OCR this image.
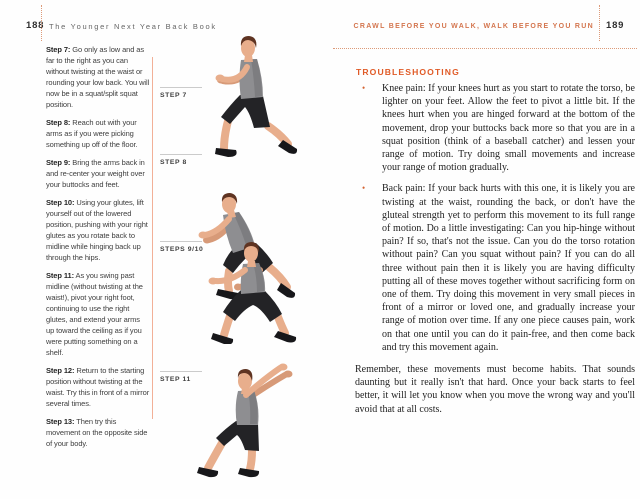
188 The Younger Next Year Back Book	CRAWL BEFORE YOU WALK, WALK BEFORE YOU RUN 189

Step 7: Go only as low and as far to the right as you can without twisting at the waist or rounding your low back. You will now be in a squat/split squat position.

Step 8: Reach out with your arms as if you were picking something up off of the floor.

Step 9: Bring the arms back in and re-center your weight over your buttocks and feet.

Step 10: Using your glutes, lift yourself out of the lowered position, pushing with your right glutes as you rotate back to midline while hinging back up through the hips.

Step 11: As you swing past midline (without twisting at the waist!), pivot your right foot, continuing to use the right glutes, and extend your arms up toward the ceiling as if you were putting something on a shelf.

Step 12: Return to the starting position without twisting at the waist. Try this in front of a mirror several times.

Step 13: Then try this movement on the opposite side of your body.

STEP 7
STEP 8
STEPS 9/10
STEP 11
TROUBLESHOOTING
•	Knee pain: If your knees hurt as you start to rotate the torso, be lighter on your feet. Allow the feet to pivot a little bit. If the knees hurt when you are hinged forward at the bottom of the movement, drop your buttocks back more so that you are in a squat position (think of a baseball catcher) and lessen your range of motion. Try doing small movements and increase your range of motion gradually.

•	Back pain: If your back hurts with this one, it is likely you are twisting at the waist, rounding the back, or don't have the gluteal strength yet to perform this movement to its full range of motion. Do a little investigating: Can you hip-hinge without pain? If so, that's not the issue. Can you do the torso rotation without pain? Can you squat without pain? If you can do all three without pain then it is likely you are having difficulty putting all of these moves together without sacrificing form on one of them. Try doing this movement in very small pieces in front of a mirror or loved one, and gradually increase your range of motion over time. If any one piece causes pain, work on that one until you can do it pain-free, and then come back and try this movement again.

Remember, these movements must become habits. That sounds daunting but it really isn't that hard. Once your back starts to feel better, it will let you know when you move the wrong way and you'll avoid that at all costs.
